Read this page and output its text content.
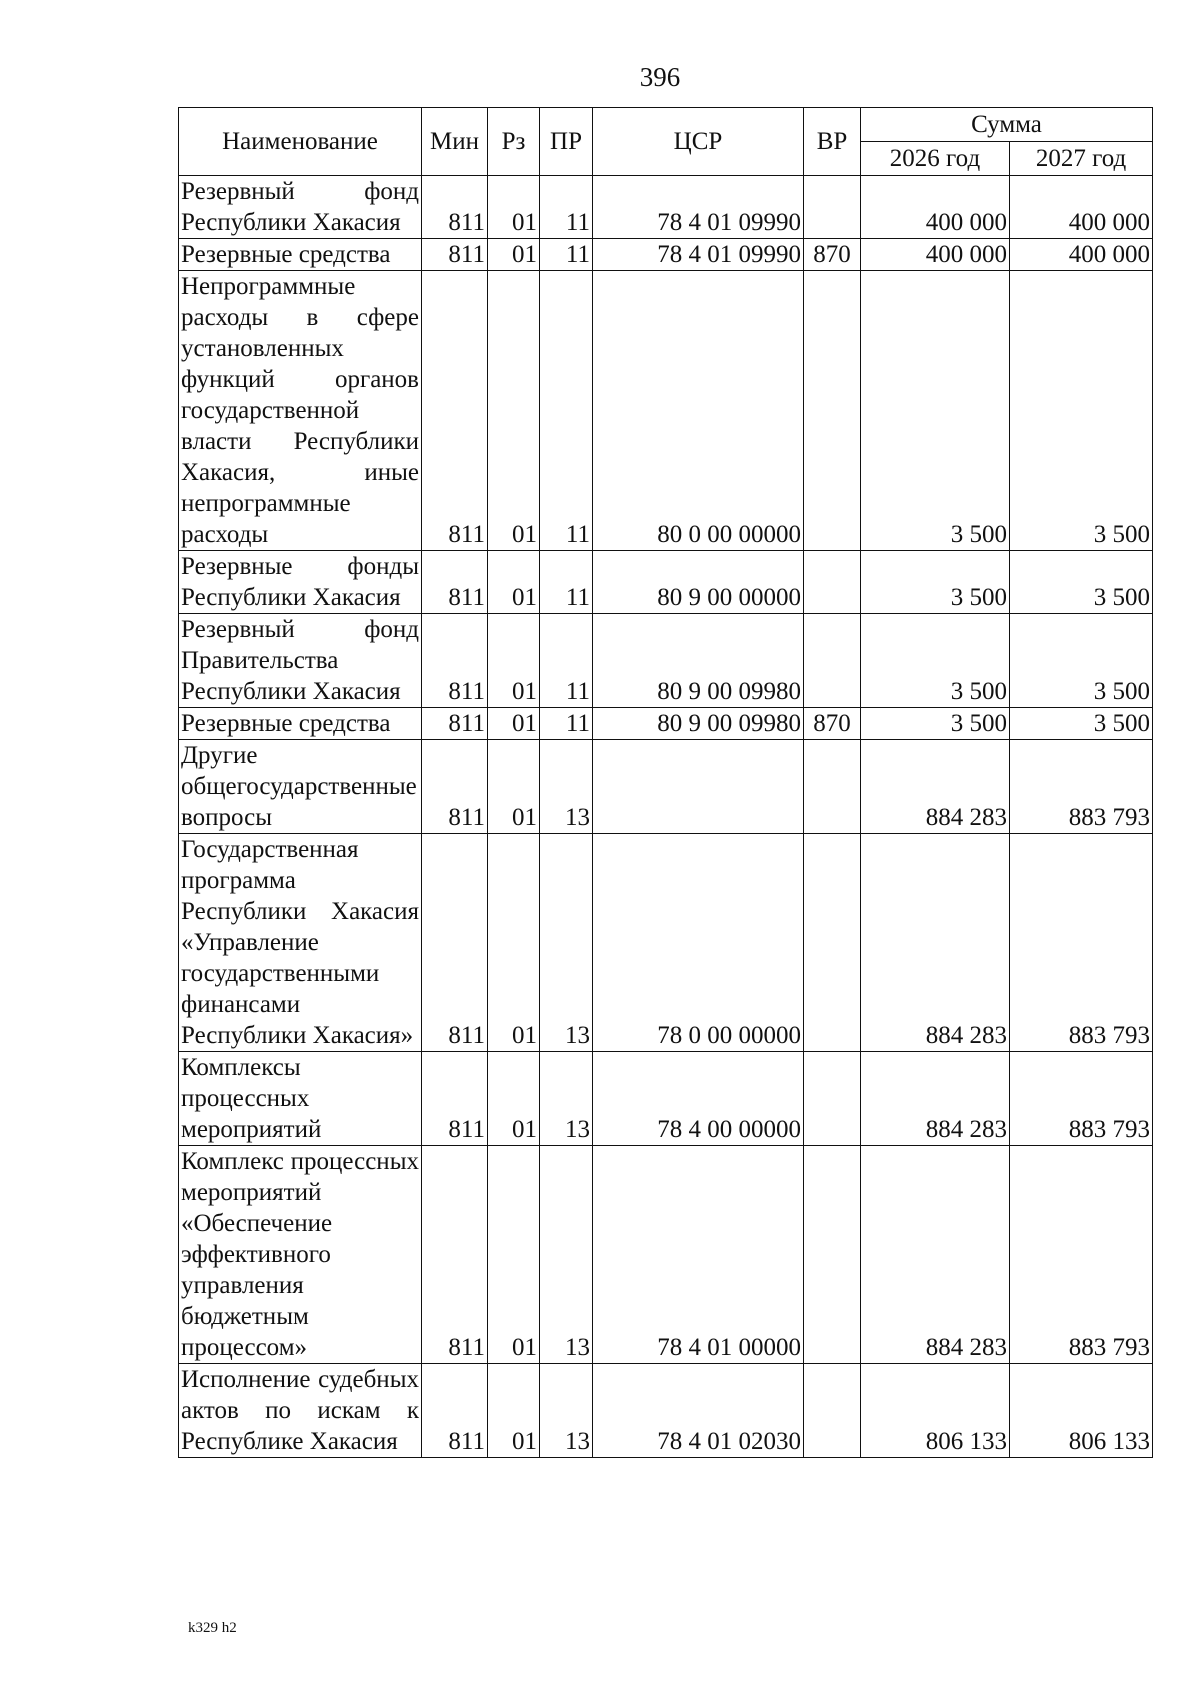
396
Наименование	Мин	Рз	ПР	ЦСР	ВР	Сумма	
						2026 год	2027 год
Резервный фонд Республики Хакасия	811	01	11	78 4 01 09990		400 000	400 000
Резервные средства	811	01	11	78 4 01 09990	870	400 000	400 000
Непрограммные расходы в сфере установленных функций органов государственной власти Республики Хакасия, иные непрограммные расходы	811	01	11	80 0 00 00000		3 500	3 500
Резервные фонды Республики Хакасия	811	01	11	80 9 00 00000		3 500	3 500
Резервный фонд Правительства Республики Хакасия	811	01	11	80 9 00 09980		3 500	3 500
Резервные средства	811	01	11	80 9 00 09980	870	3 500	3 500
Другие общегосударственные вопросы	811	01	13			884 283	883 793
Государственная программа Республики Хакасия «Управление государственными финансами Республики Хакасия»	811	01	13	78 0 00 00000		884 283	883 793
Комплексы процессных мероприятий	811	01	13	78 4 00 00000		884 283	883 793
Комплекс процессных мероприятий «Обеспечение эффективного управления бюджетным процессом»	811	01	13	78 4 01 00000		884 283	883 793
Исполнение судебных актов по искам к Республике Хакасия	811	01	13	78 4 01 02030		806 133	806 133
k329 h2
